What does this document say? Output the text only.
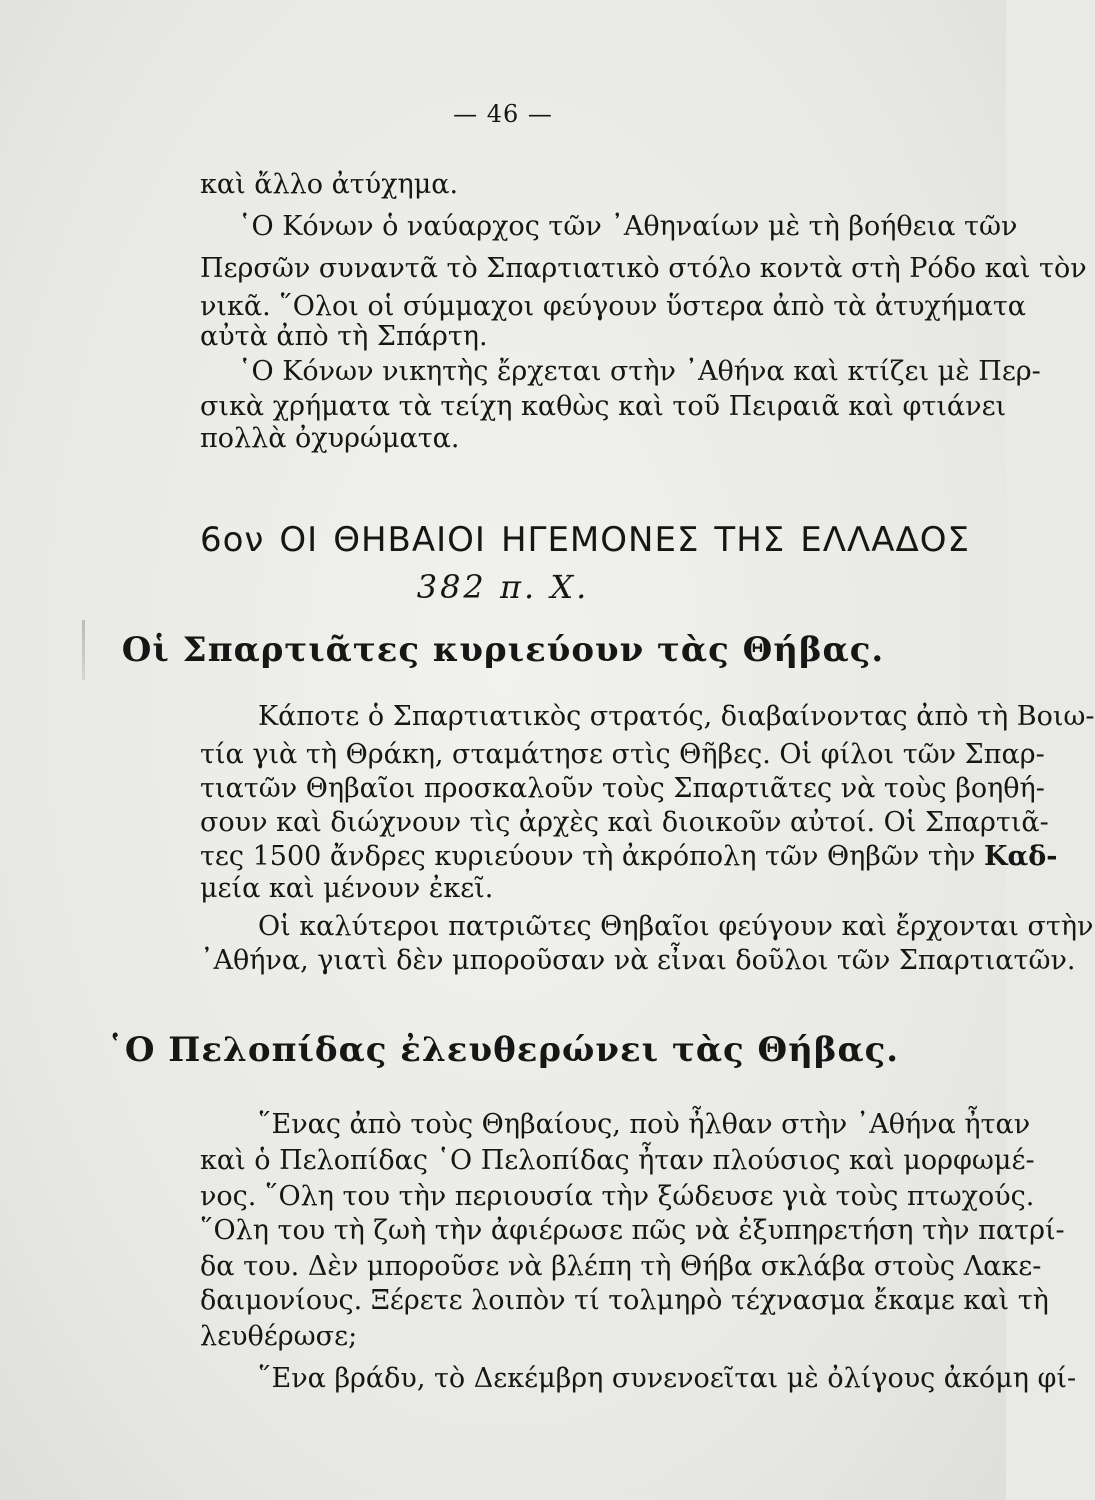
— 46 —
καὶ ἄλλο ἀτύχημα.
῾Ο Κόνων ὁ ναύαρχος τῶν ᾿Αθηναίων μὲ τὴ βοήθεια τῶν
Περσῶν συναντᾶ τὸ Σπαρτιατικὸ στόλο κοντὰ στὴ Ρόδο καὶ τὸν
νικᾶ. ῞Ολοι οἱ σύμμαχοι φεύγουν ὕστερα ἀπὸ τὰ ἀτυχήματα
αὐτὰ ἀπὸ τὴ Σπάρτη.
῾Ο Κόνων νικητὴς ἔρχεται στὴν ᾿Αθήνα καὶ κτίζει μὲ Περ-
σικὰ χρήματα τὰ τείχη καθὼς καὶ τοῦ Πειραιᾶ καὶ φτιάνει
πολλὰ ὀχυρώματα.
6ον ΟΙ ΘΗΒΑΙΟΙ ΗΓΕΜΟΝΕΣ ΤΗΣ ΕΛΛΑΔΟΣ
382 π. Χ.
Οἱ Σπαρτιᾶτες κυριεύουν τὰς Θήβας.
Κάποτε ὁ Σπαρτιατικὸς στρατός, διαβαίνοντας ἀπὸ τὴ Βοιω-
τία γιὰ τὴ Θράκη, σταμάτησε στὶς Θῆβες. Οἱ φίλοι τῶν Σπαρ-
τιατῶν Θηβαῖοι προσκαλοῦν τοὺς Σπαρτιᾶτες νὰ τοὺς βοηθή-
σουν καὶ διώχνουν τὶς ἀρχὲς καὶ διοικοῦν αὐτοί. Οἱ Σπαρτιᾶ-
τες 1500 ἄνδρες κυριεύουν τὴ ἀκρόπολη τῶν Θηβῶν τὴν Καδ-
μεία καὶ μένουν ἐκεῖ.
Οἱ καλύτεροι πατριῶτες Θηβαῖοι φεύγουν καὶ ἔρχονται στὴν
᾿Αθήνα, γιατὶ δὲν μποροῦσαν νὰ εἶναι δοῦλοι τῶν Σπαρτιατῶν.
῾Ο Πελοπίδας ἐλευθερώνει τὰς Θήβας.
῞Ενας ἀπὸ τοὺς Θηβαίους, ποὺ ἦλθαν στὴν ᾿Αθήνα ἦταν
καὶ ὁ Πελοπίδας ῾Ο Πελοπίδας ἦταν πλούσιος καὶ μορφωμέ-
νος. ῞Ολη του τὴν περιουσία τὴν ξώδευσε γιὰ τοὺς πτωχούς.
῞Ολη του τὴ ζωὴ τὴν ἀφιέρωσε πῶς νὰ ἐξυπηρετήση τὴν πατρί-
δα του. Δὲν μποροῦσε νὰ βλέπη τὴ Θήβα σκλάβα στοὺς Λακε-
δαιμονίους. Ξέρετε λοιπὸν τί τολμηρὸ τέχνασμα ἔκαμε καὶ τὴ
λευθέρωσε;
῞Ενα βράδυ, τὸ Δεκέμβρη συνενοεῖται μὲ ὀλίγους ἀκόμη φί-
